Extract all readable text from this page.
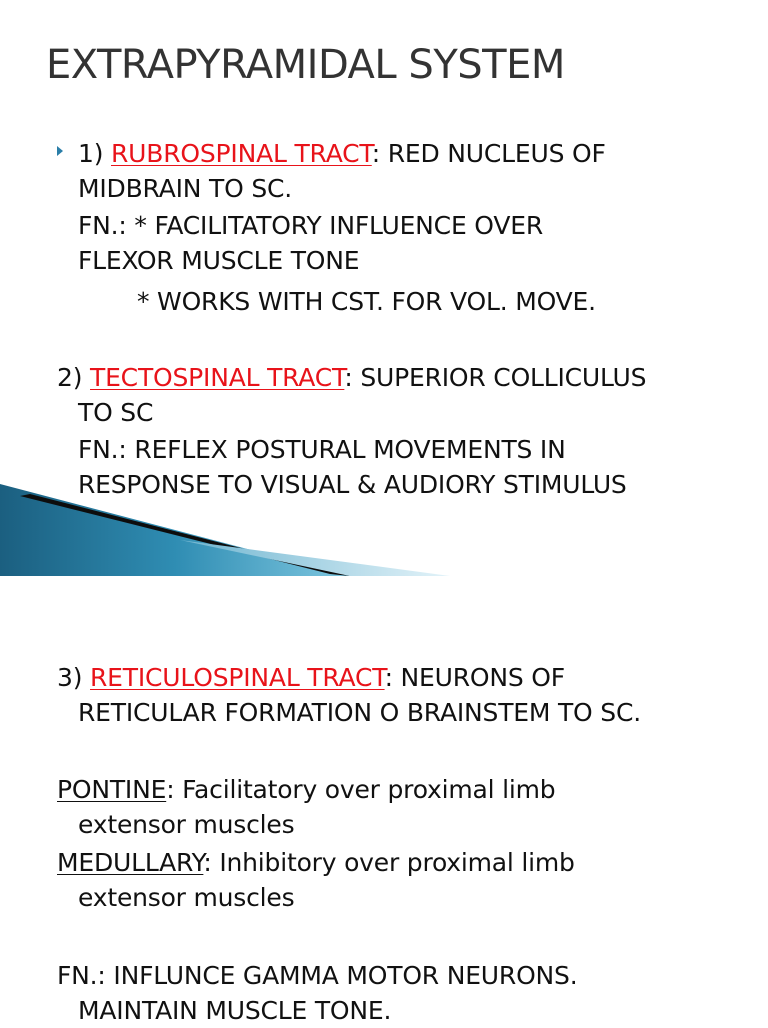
EXTRAPYRAMIDAL SYSTEM
1) RUBROSPINAL TRACT: RED NUCLEUS OF
MIDBRAIN TO SC.
FN.: * FACILITATORY INFLUENCE OVER
FLEXOR MUSCLE TONE
* WORKS WITH CST. FOR VOL. MOVE.
2) TECTOSPINAL TRACT: SUPERIOR COLLICULUS
TO SC
FN.: REFLEX POSTURAL MOVEMENTS IN
RESPONSE TO VISUAL & AUDIORY STIMULUS
3) RETICULOSPINAL TRACT: NEURONS OF
RETICULAR FORMATION O BRAINSTEM TO SC.
PONTINE: Facilitatory over proximal limb
extensor muscles
MEDULLARY: Inhibitory over proximal limb
extensor muscles
FN.: INFLUNCE GAMMA MOTOR NEURONS.
MAINTAIN MUSCLE TONE.
